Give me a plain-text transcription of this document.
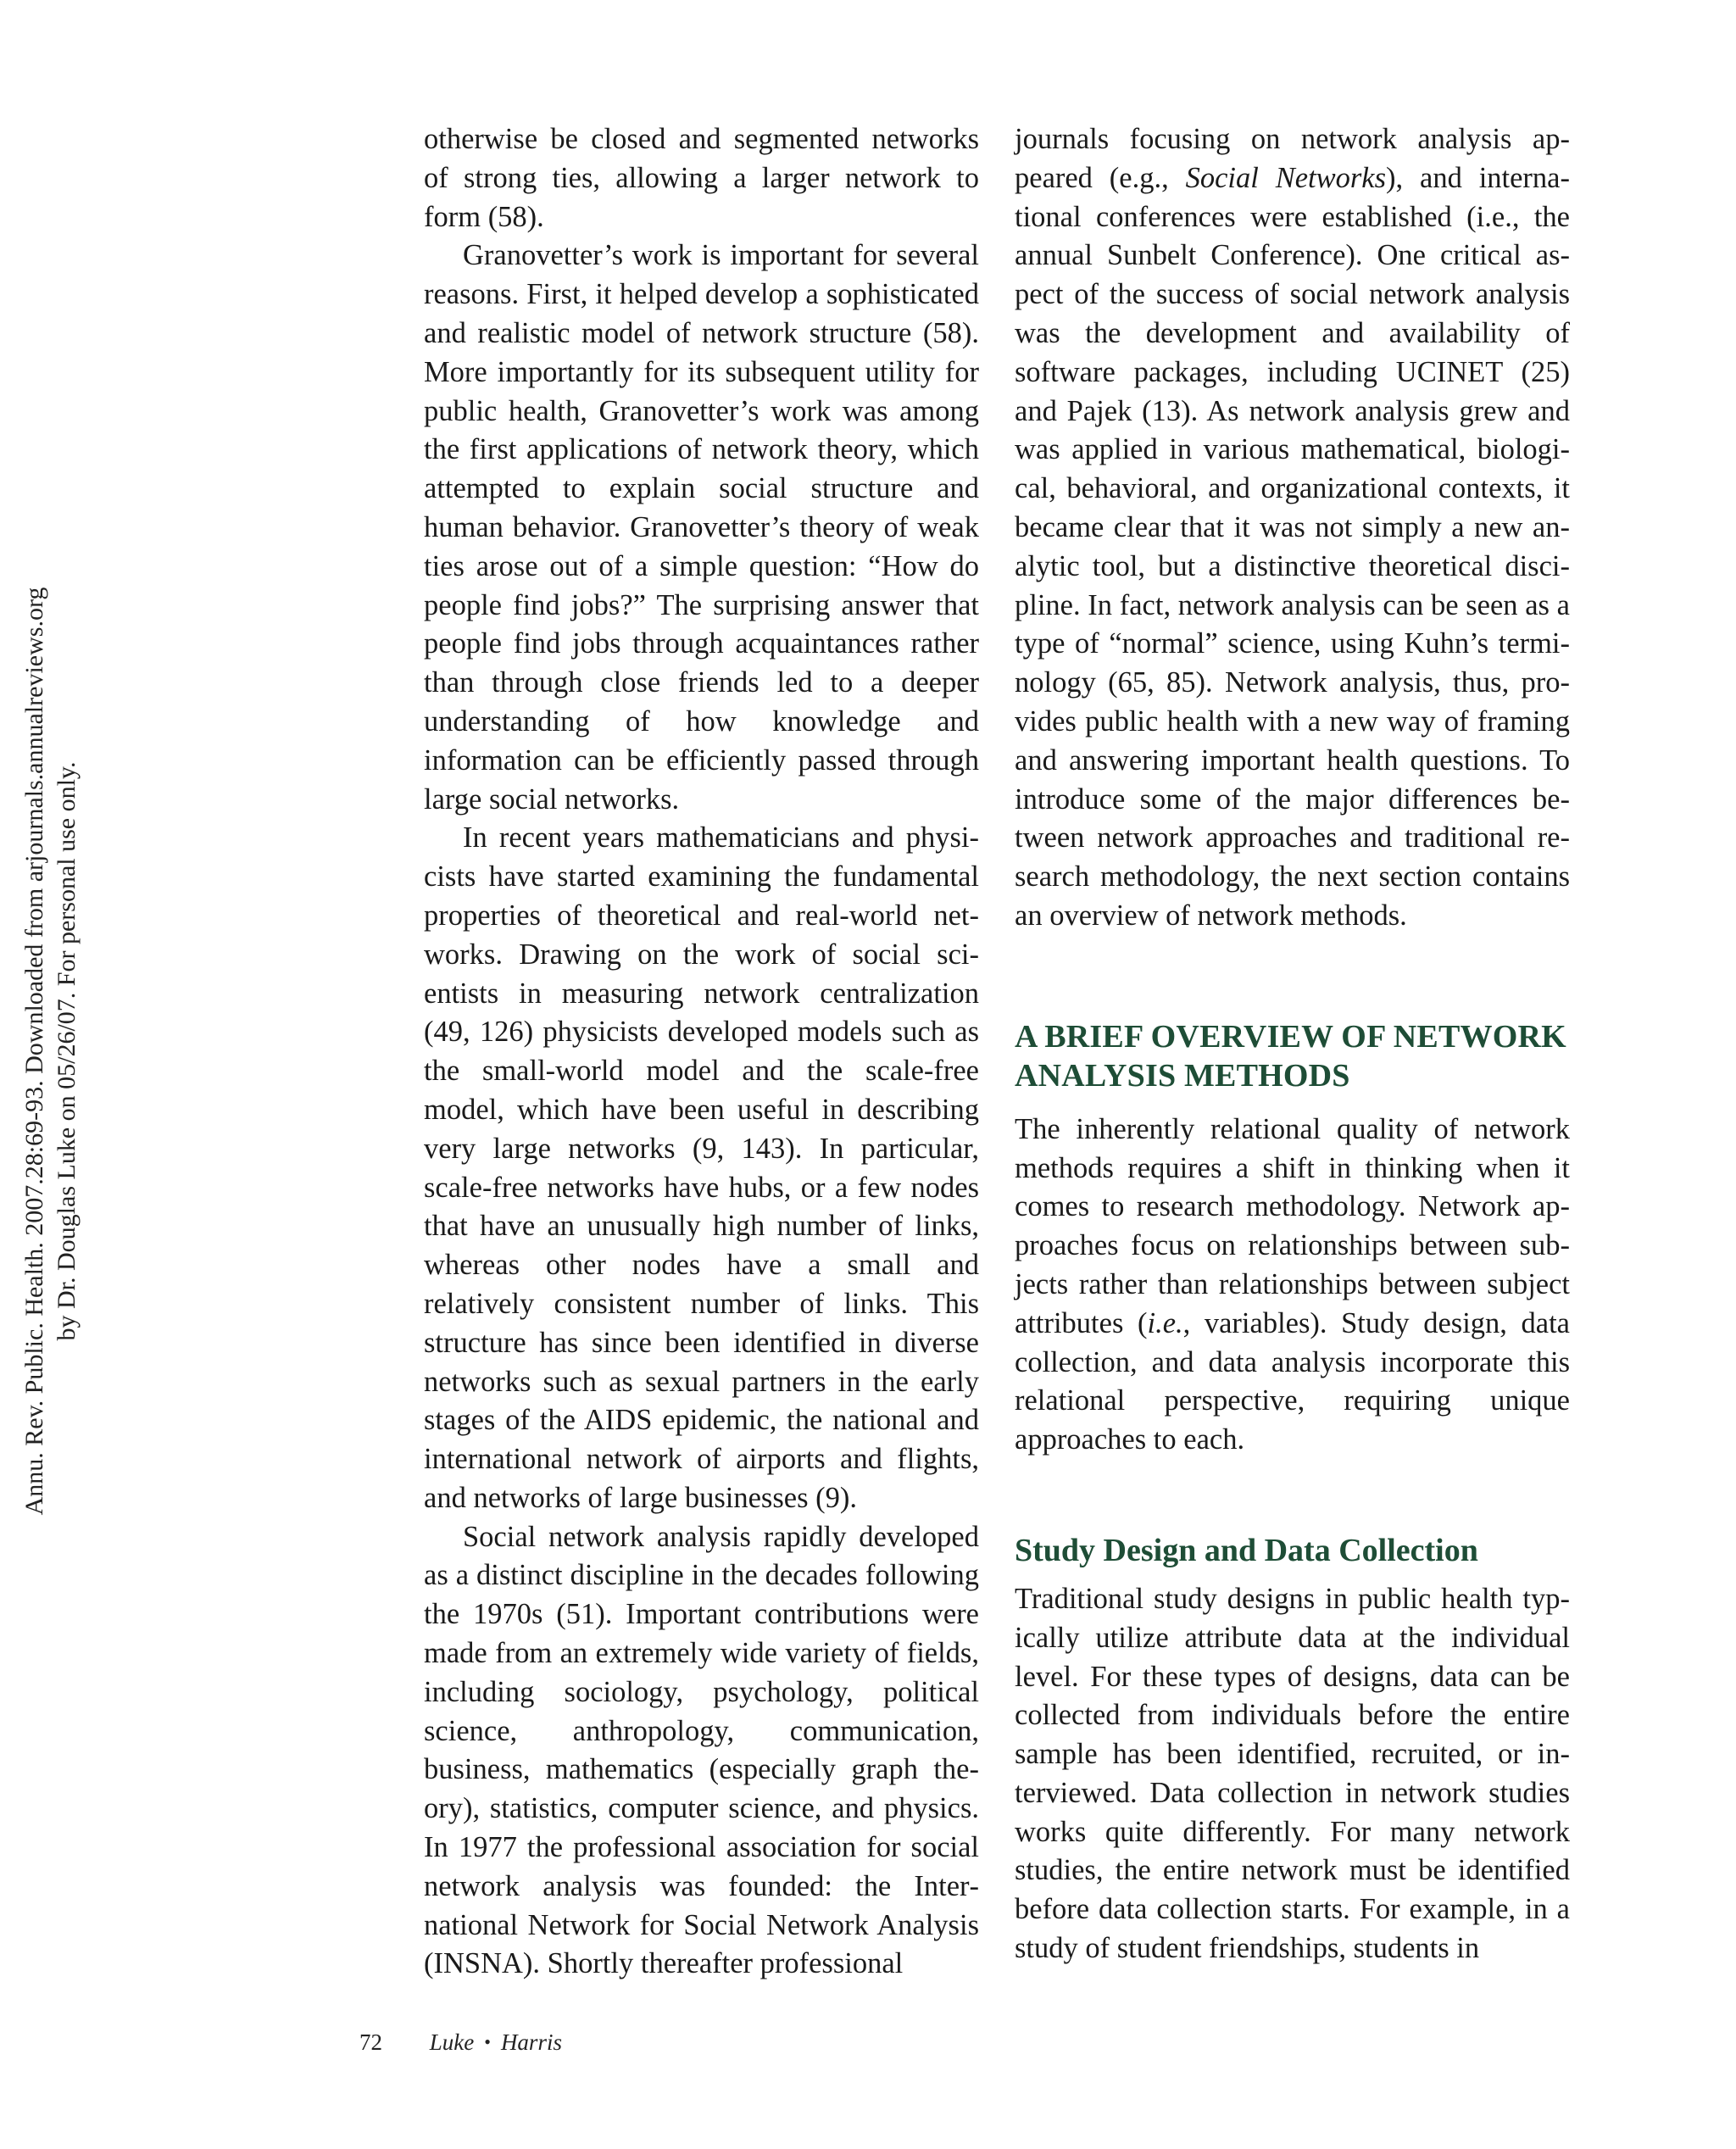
Annu. Rev. Public. Health. 2007.28:69-93. Downloaded from arjournals.annualreviews.org by Dr. Douglas Luke on 05/26/07. For personal use only.

otherwise be closed and segmented networks of strong ties, allowing a larger network to form (58).

Granovetter’s work is important for several reasons. First, it helped develop a sophisticated and realistic model of network structure (58). More importantly for its subsequent utility for public health, Granovetter’s work was among the first applications of network theory, which attempted to explain social structure and human behavior. Granovetter’s theory of weak ties arose out of a simple question: “How do people find jobs?” The surprising answer that people find jobs through acquaintances rather than through close friends led to a deeper understanding of how knowledge and information can be efficiently passed through large social networks.

In recent years mathematicians and physicists have started examining the fundamental properties of theoretical and real-world networks. Drawing on the work of social scientists in measuring network centralization (49, 126) physicists developed models such as the small-world model and the scale-free model, which have been useful in describing very large networks (9, 143). In particular, scale-free networks have hubs, or a few nodes that have an unusually high number of links, whereas other nodes have a small and relatively consistent number of links. This structure has since been identified in diverse networks such as sexual partners in the early stages of the AIDS epidemic, the national and international network of airports and flights, and networks of large businesses (9).

Social network analysis rapidly developed as a distinct discipline in the decades following the 1970s (51). Important contributions were made from an extremely wide variety of fields, including sociology, psychology, political science, anthropology, communication, business, mathematics (especially graph theory), statistics, computer science, and physics. In 1977 the professional association for social network analysis was founded: the International Network for Social Network Analysis (INSNA). Shortly thereafter professional

journals focusing on network analysis appeared (e.g., Social Networks), and international conferences were established (i.e., the annual Sunbelt Conference). One critical aspect of the success of social network analysis was the development and availability of software packages, including UCINET (25) and Pajek (13). As network analysis grew and was applied in various mathematical, biological, behavioral, and organizational contexts, it became clear that it was not simply a new analytic tool, but a distinctive theoretical discipline. In fact, network analysis can be seen as a type of “normal” science, using Kuhn’s terminology (65, 85). Network analysis, thus, provides public health with a new way of framing and answering important health questions. To introduce some of the major differences between network approaches and traditional research methodology, the next section contains an overview of network methods.

A BRIEF OVERVIEW OF NETWORK ANALYSIS METHODS

The inherently relational quality of network methods requires a shift in thinking when it comes to research methodology. Network approaches focus on relationships between subjects rather than relationships between subject attributes (i.e., variables). Study design, data collection, and data analysis incorporate this relational perspective, requiring unique approaches to each.

Study Design and Data Collection

Traditional study designs in public health typically utilize attribute data at the individual level. For these types of designs, data can be collected from individuals before the entire sample has been identified, recruited, or interviewed. Data collection in network studies works quite differently. For many network studies, the entire network must be identified before data collection starts. For example, in a study of student friendships, students in

72 Luke • Harris
